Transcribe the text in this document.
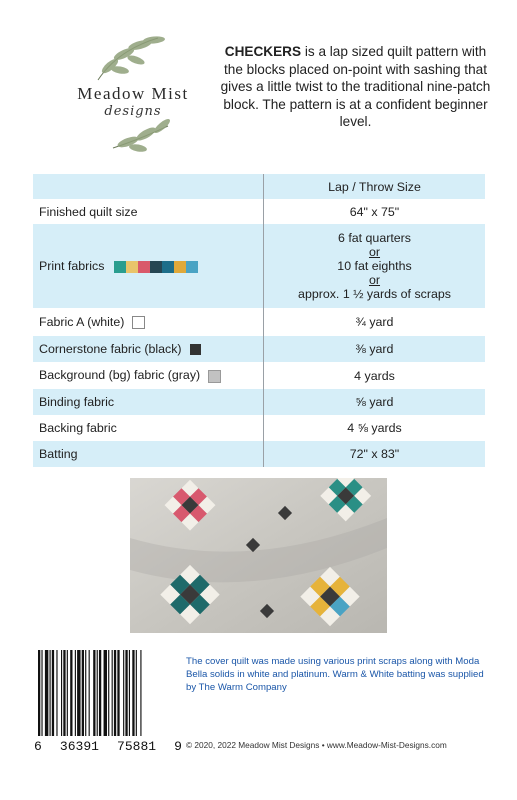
Meadow Mist
designs
CHECKERS is a lap sized quilt pattern with the blocks placed on-point with sashing that gives a little twist to the traditional nine-patch block. The pattern is at a confident beginner level.
	Lap / Throw Size
Finished quilt size	64" x 75"
Print fabrics	6 fat quarters
or
10 fat eighths
or
approx. 1 ½ yards of scraps

Fabric A (white)	¾ yard
Cornerstone fabric (black)	⅜ yard
Background (bg) fabric (gray)	4 yards
Binding fabric	⅝ yard
Backing fabric	4 ⅝ yards
Batting	72" x 83"
6 36391 75881 9
The cover quilt was made using various print scraps along with Moda Bella solids in white and platinum. Warm & White batting was supplied by The Warm Company
© 2020, 2022 Meadow Mist Designs • www.Meadow-Mist-Designs.com
